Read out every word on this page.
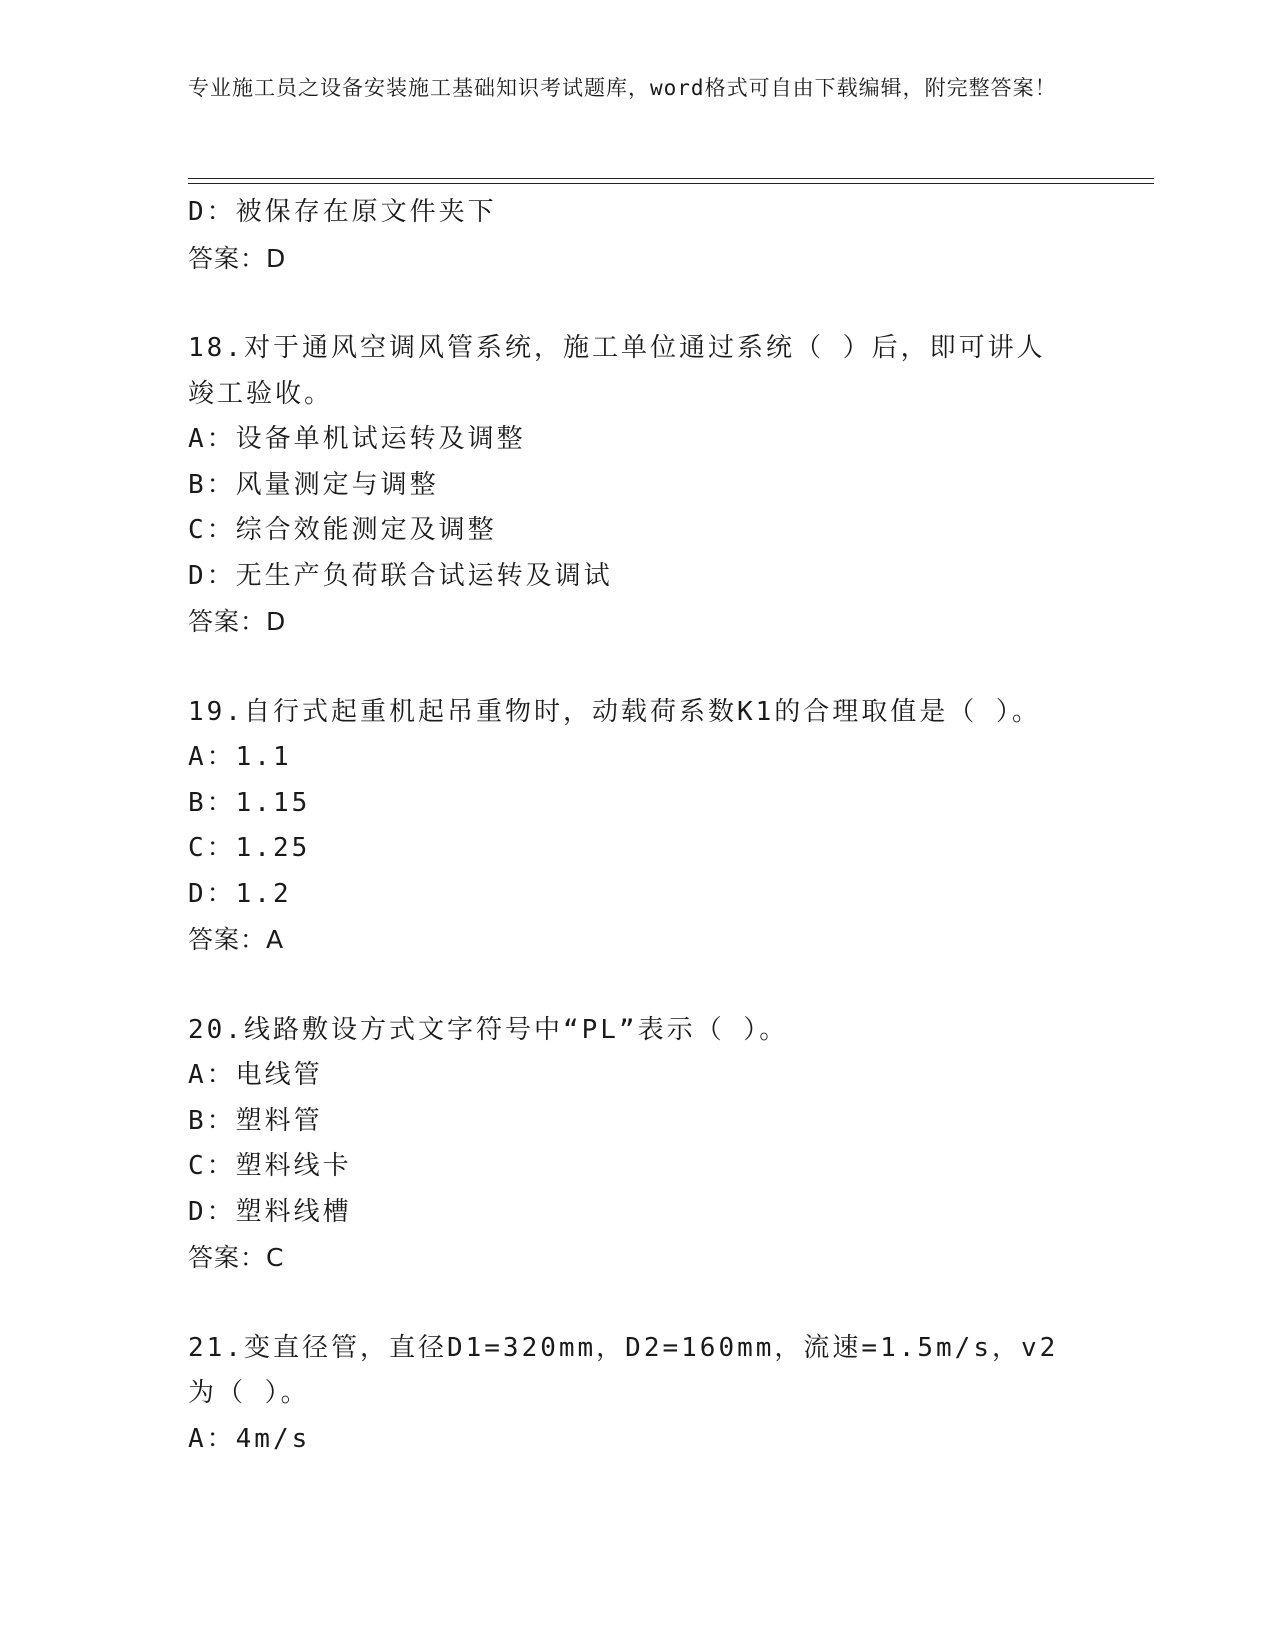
专业施工员之设备安装施工基础知识考试题库，word格式可自由下载编辑，附完整答案！
D：被保存在原文件夹下
答案：D
18.对于通风空调风管系统，施工单位通过系统（ ）后，即可讲人竣工验收。
A：设备单机试运转及调整
B：风量测定与调整
C：综合效能测定及调整
D：无生产负荷联合试运转及调试
答案：D
19.自行式起重机起吊重物时，动载荷系数K1的合理取值是（ ）。
A：1.1
B：1.15
C：1.25
D：1.2
答案：A
20.线路敷设方式文字符号中“PL”表示（ ）。
A：电线管
B：塑料管
C：塑料线卡
D：塑料线槽
答案：C
21.变直径管，直径D1=320mm，D2=160mm，流速=1.5m/s，v2为（ ）。
A：4m/s
